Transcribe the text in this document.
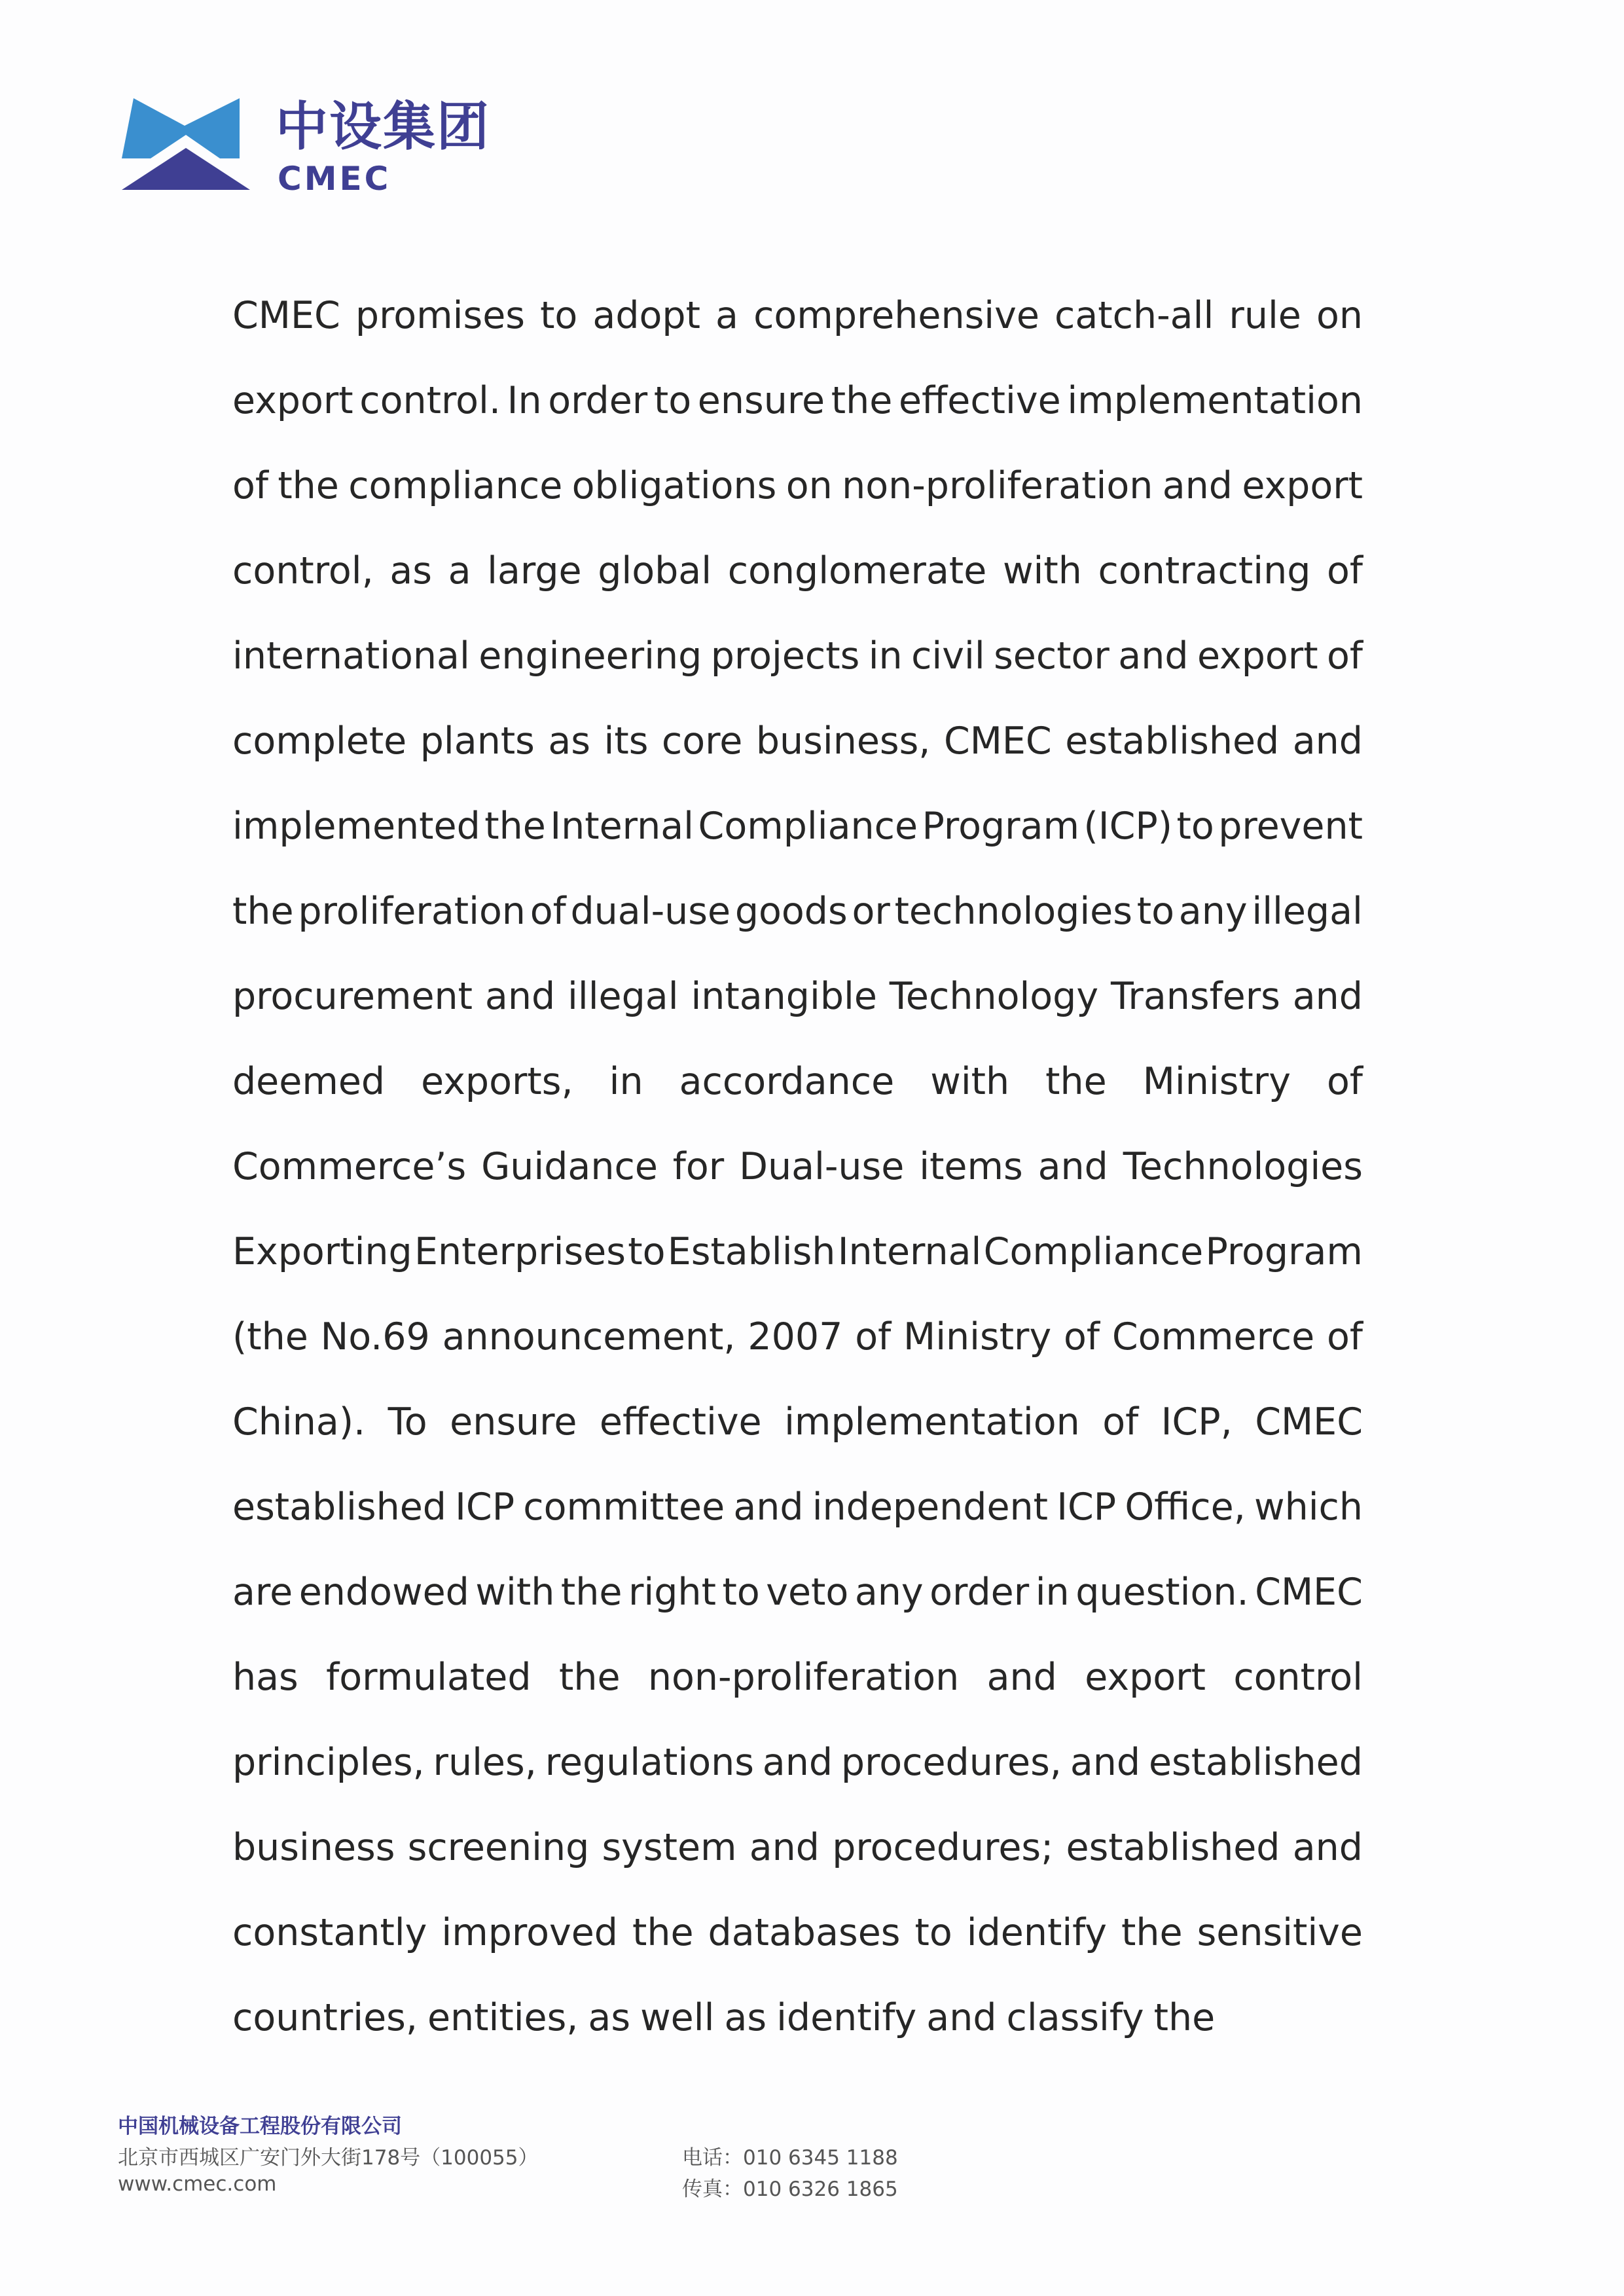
中设集团
CMEC
CMEC promises to adopt a comprehensive catch-all rule on
export control. In order to ensure the effective implementation
of the compliance obligations on non-proliferation and export
control, as a large global conglomerate with contracting of
international engineering projects in civil sector and export of
complete plants as its core business, CMEC established and
implemented the Internal Compliance Program (ICP) to prevent
the proliferation of dual-use goods or technologies to any illegal
procurement and illegal intangible Technology Transfers and
deemed exports, in accordance with the Ministry of
Commerce’s Guidance for Dual-use items and Technologies
Exporting Enterprises to Establish Internal Compliance Program
(the No.69 announcement, 2007 of Ministry of Commerce of
China). To ensure effective implementation of ICP, CMEC
established ICP committee and independent ICP Office, which
are endowed with the right to veto any order in question. CMEC
has formulated the non-proliferation and export control
principles, rules, regulations and procedures, and established
business screening system and procedures; established and
constantly improved the databases to identify the sensitive
countries, entities, as well as identify and classify the
中国机械设备工程股份有限公司
北京市西城区广安门外大街178号（100055）
www.cmec.com
电话：010 6345 1188
传真：010 6326 1865
